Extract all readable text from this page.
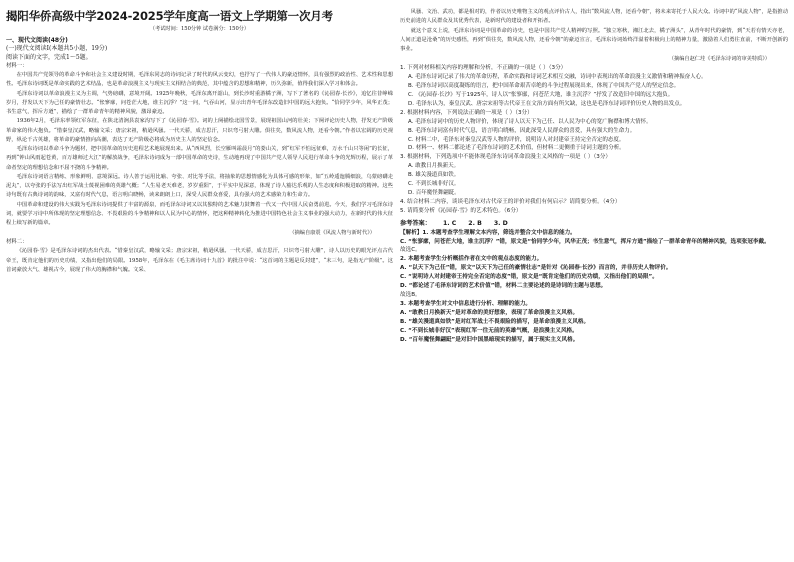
揭阳华侨高级中学2024-2025学年度高一语文上学期第一次月考
（考试时间：150分钟 试卷满分：150分）
一、现代文阅读(48分)
(一)现代文阅读Ⅰ(本题共5小题，19分)
阅读下面的文字，完成1～5题。
材料一：

在中国共产党领导的革命斗争和社会主义建设时期，毛泽东同志的诗词记录了时代的风云变幻，也抒写了一代伟人的豪迈情怀，具有强烈的政治性、艺术性和思想性。毛泽东诗词既是革命实践的艺术结晶，也是革命浪漫主义与现实主义相结合的典范，其中蕴含的思想和精神，历久弥新，值得我们深入学习和体会。

毛泽东诗词以革命浪漫主义为主调，气势磅礴，意境开阔。1925年晚秋，毛泽东离开韶山，到长沙时重游橘子洲，写下了著名的《沁园春·长沙》，追忆往昔峥嵘岁月，抒发以天下为己任的豪情壮志。“怅寥廓，问苍茫大地，谁主沉浮？”这一问，气吞山河，显示出青年毛泽东改造旧中国的远大抱负。“恰同学少年，风华正茂；书生意气，挥斥方遒”，描绘了一群革命青年的精神风貌，激昂豪迈。

1936年2月，毛泽东率领红军东征，在陕北清涧县袁家沟写下了《沁园春·雪》。词的上阕描绘北国雪景，展现祖国山河的壮美；下阕评论历史人物，抒发无产阶级革命家的伟大抱负。“惜秦皇汉武，略输文采；唐宗宋祖，稍逊风骚。一代天骄，成吉思汗，只识弯弓射大雕。俱往矣，数风流人物，还看今朝。”作者以宏阔的历史视野，纵论千古英雄，将革命的豪情推向高潮，表达了无产阶级必将成为历史主人的坚定信念。

毛泽东诗词以革命斗争为题材，把中国革命的历史进程艺术地展现出来。从“西风烈，长空雁叫霜晨月”的娄山关，到“红军不怕远征难，万水千山只等闲”的长征，再到“钟山风雨起苍黄，百万雄师过大江”的解放战争，毛泽东诗词成为一部中国革命的史诗，生动地再现了中国共产党人领导人民进行革命斗争的光辉历程，展示了革命者坚定的理想信念和不屈不挠的斗争精神。

毛泽东诗词语言精练、形象鲜明、意境深远。诗人善于运用比喻、夸张、对比等手法，将抽象的思想情感化为具体可感的形象，如“五岭逶迤腾细浪，乌蒙磅礴走泥丸”，以夸张的手法写出红军战士蔑视困难的英雄气概；“人生易老天难老，岁岁重阳”，于平实中见深意，体现了诗人豁达乐观的人生态度和积极进取的精神。这些诗句既有古典诗词的韵味，又富有时代气息，语言明白晓畅，读来朗朗上口，深受人民群众喜爱，具有强大的艺术感染力和生命力。

中国革命和建设的伟大实践为毛泽东诗词提供了丰富的源泉，而毛泽东诗词又以其独特的艺术魅力鼓舞着一代又一代中国人民奋勇前进。今天，我们学习毛泽东诗词，就要学习诗中所体现的坚定理想信念、不畏艰险的斗争精神和以人民为中心的情怀，把这种精神转化为推进中国特色社会主义事业的强大动力，在新时代的伟大征程上续写新的篇章。

（摘编自康震《风流人物与新时代》）
材料二：

《沁园春·雪》是毛泽东诗词的杰出代表。“惜秦皇汉武，略输文采；唐宗宋祖，稍逊风骚。一代天骄，成吉思汗，只识弯弓射大雕”，诗人以历史的眼光评点古代帝王，既肯定他们的历史功绩，又指出他们的局限。1958年，毛泽东在《毛主席诗词十九首》的批注中说：“这首词的主题是反封建”，“末三句，是指无产阶级”。这首词豪放大气、雄视古今，展现了伟大的胸襟和气魄。文采、

风骚、文治、武功，都是相对的，作者以历史唯物主义的观点评价古人，指出“数风流人物，还看今朝”，将未来寄托于人民大众。诗词中的“风流人物”，是指推动历史前进的人民群众及其优秀代表，是新时代的建设者和开拓者。

就这个意义上说，毛泽东诗词是中国革命的诗史，也是中国共产党人精神的写照。“独立寒秋，湘江北去，橘子洲头”，从青年时代的豪情，到“天若有情天亦老，人间正道是沧桑”的历史感悟，再到“俱往矣，数风流人物，还看今朝”的豪迈宣言，毛泽东诗词始终洋溢着积极向上的精神力量，激励着人们勇往直前，不断开创新的事业。

（摘编自赵仁珪《毛泽东诗词的审美特质》）

1. 下列对材料相关内容的理解和分析，不正确的一项是（ ）（3分）

A. 毛泽东诗词记录了伟大的革命历程，革命实践和诗词艺术相互交融，诗词中表现出的革命浪漫主义激情和精神振奋人心。

B. 毛泽东诗词以高度凝练的语言，把中国革命艰苦卓绝的斗争过程展现出来，体现了中国共产党人的坚定信念。

C. 《沁园春·长沙》写于1925年，诗人以“怅寥廓，问苍茫大地，谁主沉浮？”抒发了改造旧中国的远大抱负。

D. 毛泽东认为，秦皇汉武、唐宗宋祖等古代帝王在文治方面有所欠缺，这也是毛泽东诗词评价历史人物的出发点。

2. 根据材料内容，下列说法正确的一项是（ ）（3分）

A. 毛泽东诗词中的历史人物评价，体现了诗人以天下为己任、以人民为中心的宽广胸襟和博大情怀。

B. 毛泽东诗词富有时代气息，语言明白晓畅，因此深受人民群众的喜爱，具有强大的生命力。

C. 材料二中，毛泽东对秦皇汉武等人物的评价，说明诗人对封建帝王持完全否定的态度。

D. 材料一、材料二都论述了毛泽东诗词的艺术价值，但材料二更侧重于诗词主题的分析。

3. 根据材料，下列选项中不能体现毛泽东诗词革命浪漫主义风格的一项是（ ）（3分）

A. 敢教日月换新天。

B. 雄关漫道真如铁。

C. 不到长城非好汉。

D. 百年魔怪舞翩跹。

4. 结合材料二内容，谈谈毛泽东对古代帝王的评价对我们有何启示？请简要分析。（4分）

5. 请简要分析《沁园春·雪》的艺术特色。（6分）

参考答案： 1. C 2. B 3. D

【解析】1. 本题考查学生理解文本内容，筛选并整合文中信息的能力。

C. “怅寥廓，问苍茫大地，谁主沉浮？”错，原文是“恰同学少年，风华正茂；书生意气，挥斥方遒”描绘了一群革命青年的精神风貌，选项张冠李戴。

故选C。

2. 本题考查学生分析概括作者在文中的观点态度的能力。

A. “以天下为己任”错，原文“以天下为己任的豪情壮志”是针对《沁园春·长沙》而言的，并非历史人物评价。

C. “说明诗人对封建帝王持完全否定的态度”错，原文是“既肯定他们的历史功绩，又指出他们的局限”。

D. “都论述了毛泽东诗词的艺术价值”错，材料二主要论述的是诗词的主题与思想。

故选B。

3. 本题考查学生对文中信息进行分析、理解的能力。

A. “敢教日月换新天”是对革命的美好想象，表现了革命浪漫主义风格。

B. “雄关漫道真如铁”是对红军战士不畏艰险的描写，是革命浪漫主义风格。

C. “不到长城非好汉”表现红军一往无前的英雄气概，是浪漫主义风格。

D. “百年魔怪舞翩跹”是对旧中国黑暗现实的描写，属于现实主义风格。
